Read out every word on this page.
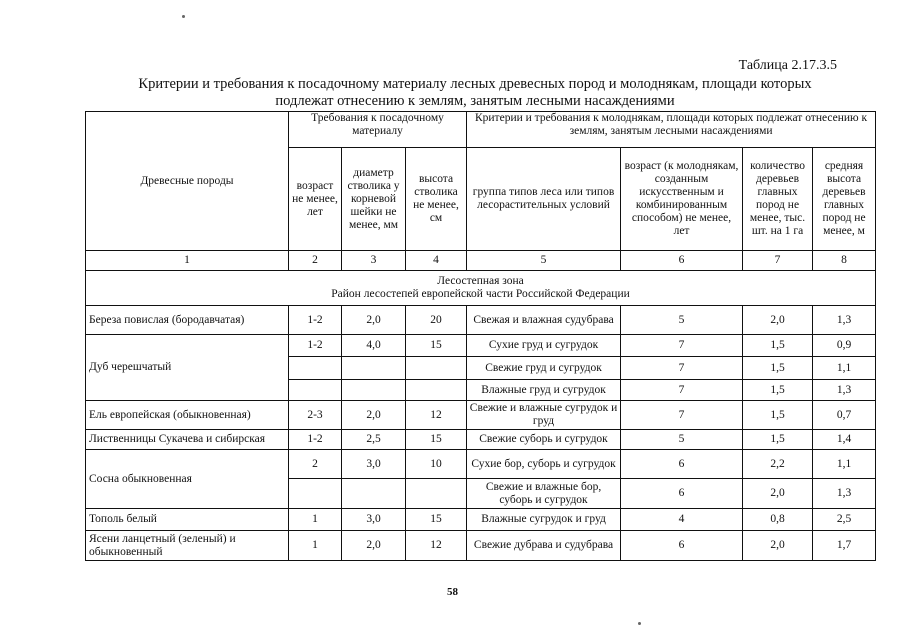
Таблица 2.17.3.5
Критерии и требования к посадочному материалу лесных древесных пород и молоднякам, площади которых
подлежат отнесению к землям, занятым лесными насаждениями
Древесные породы	Требования к посадочному материалу			Критерии и требования к молоднякам, площади которых подлежат отнесению к землям, занятым лесными насаждениями			
	возраст не менее, лет	диаметр стволика у корневой шейки не менее, мм	высота стволика не менее, см	группа типов леса или типов лесорастительных условий	возраст (к молоднякам, созданным искусственным и комбинированным способом) не менее, лет	количество деревьев главных пород не менее, тыс. шт. на 1 га	средняя высота деревьев главных пород не менее, м
1	2	3	4	5	6	7	8

Лесостепная зона
Район лесостепей европейской части Российской Федерации							

Береза повислая (бородавчатая)	1-2	2,0	20	Свежая и влажная судубрава	5	2,0	1,3
Дуб черешчатый	1-2	4,0	15	Сухие груд и сугрудок	7	1,5	0,9
				Свежие груд и сугрудок	7	1,5	1,1
				Влажные груд и сугрудок	7	1,5	1,3
Ель европейская (обыкновенная)	2-3	2,0	12	Свежие и влажные сугрудок и груд	7	1,5	0,7
Лиственницы Сукачева и сибирская	1-2	2,5	15	Свежие суборь и сугрудок	5	1,5	1,4
Сосна обыкновенная	2	3,0	10	Сухие бор, суборь и сугрудок	6	2,2	1,1
				Свежие и влажные бор, суборь и сугрудок	6	2,0	1,3
Тополь белый	1	3,0	15	Влажные сугрудок и груд	4	0,8	2,5
Ясени ланцетный (зеленый) и обыкновенный	1	2,0	12	Свежие дубрава и судубрава	6	2,0	1,7
58
